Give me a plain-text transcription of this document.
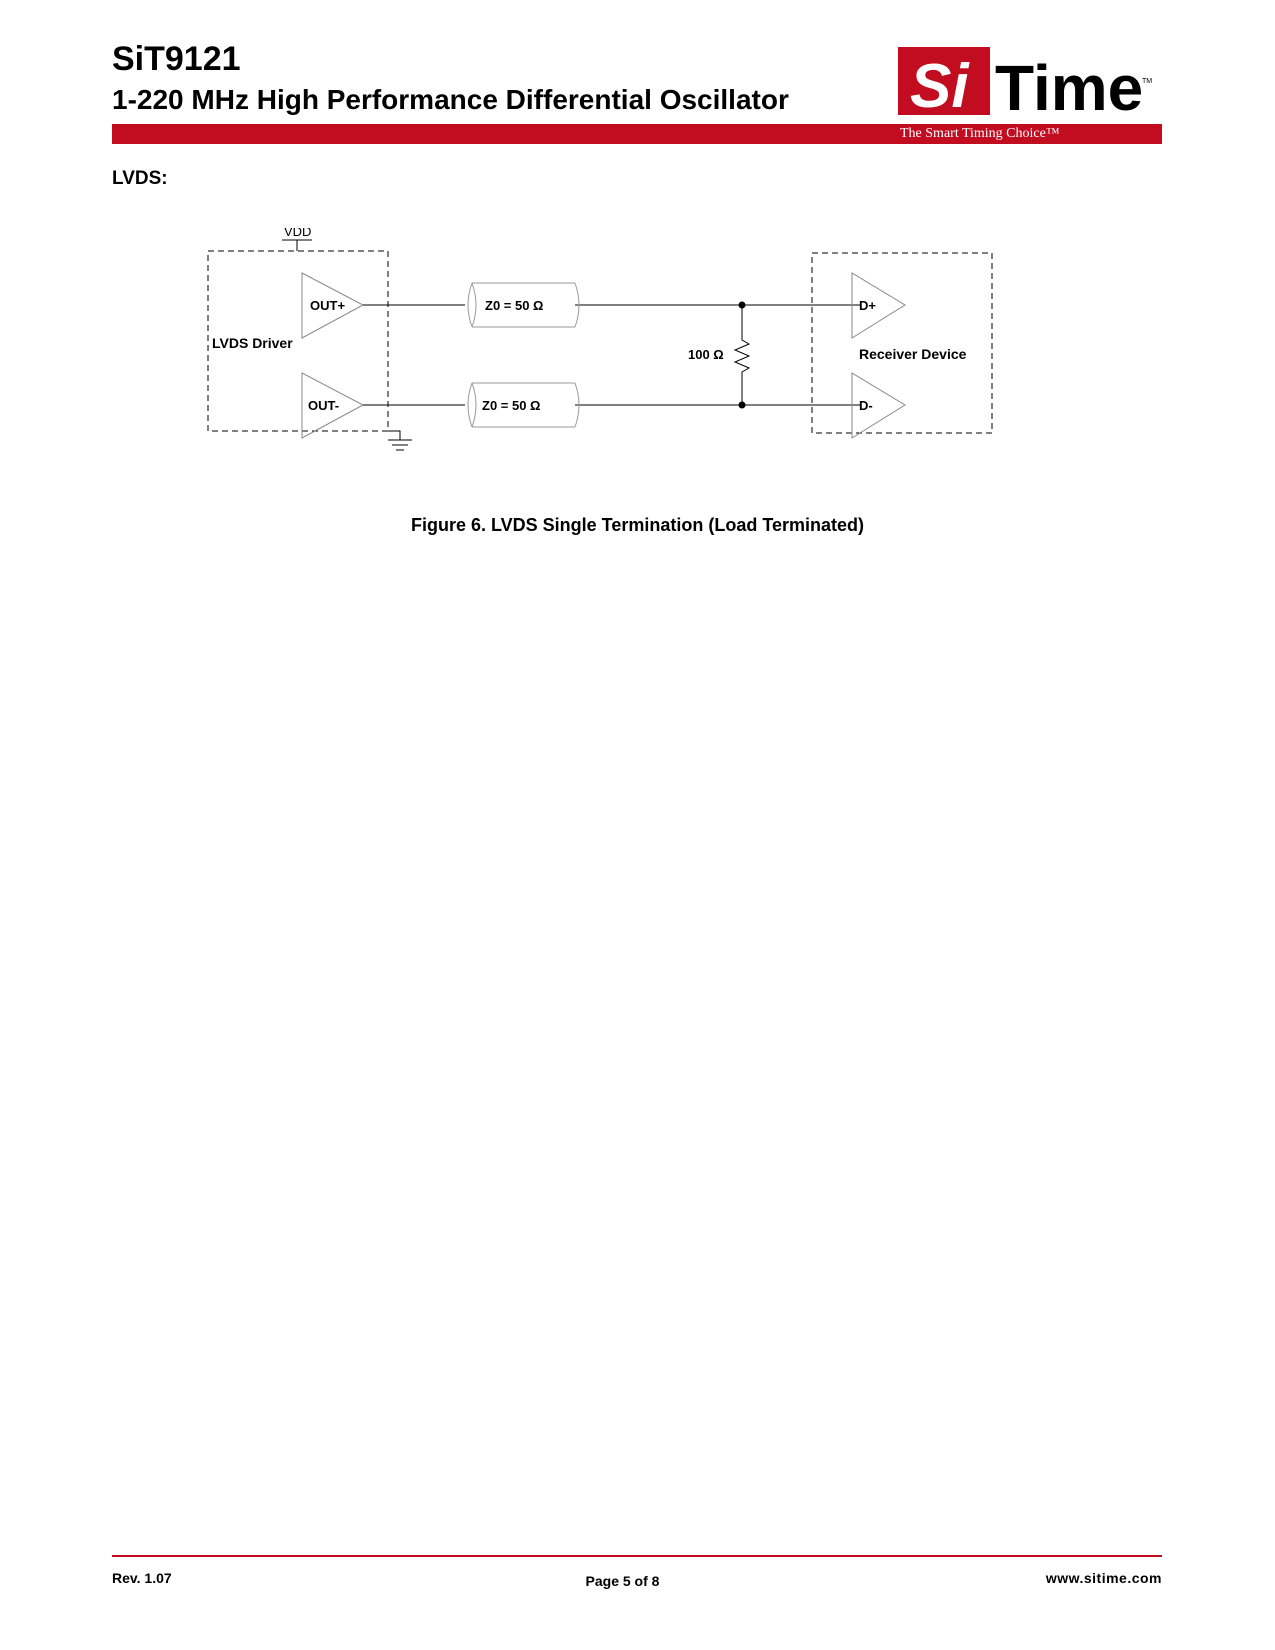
SiT9121
1-220 MHz High Performance Differential Oscillator Si Time
TM
The Smart Timing Choice™
LVDS:
VDD
LVDS Driver
OUT+
OUT-
Z0 = 50 Ω
Z0 = 50 Ω
100 Ω	Receiver Device
D+
D-
Figure 6. LVDS Single Termination (Load Terminated)
Rev. 1.07	Page 5 of 8	www.sitime.com
